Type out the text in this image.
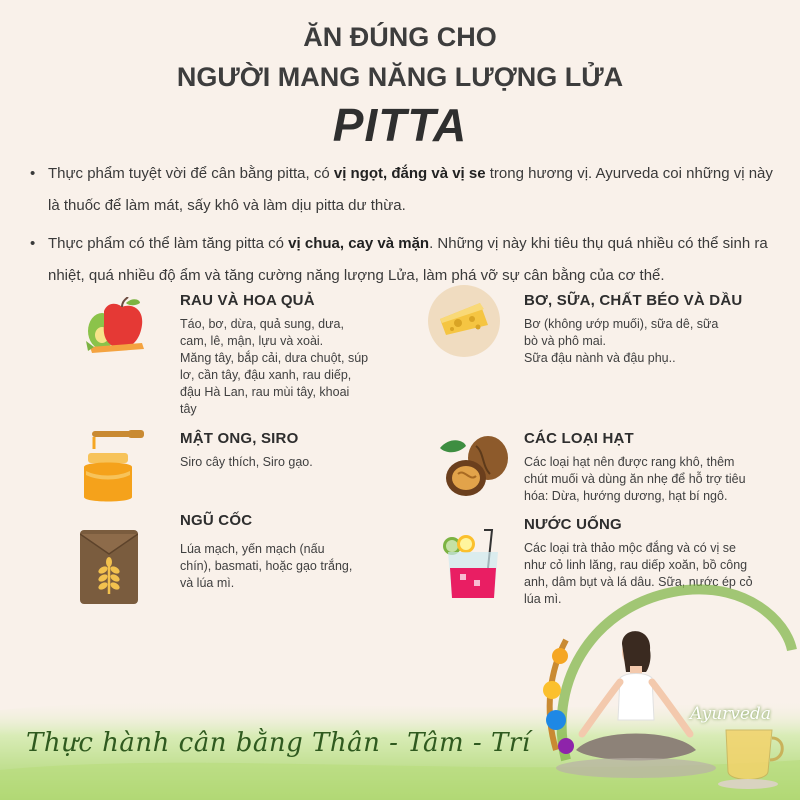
ĂN ĐÚNG CHO
NGƯỜI MANG NĂNG LƯỢNG LỬA
PITTA
• Thực phẩm tuyệt vời để cân bằng pitta, có vị ngọt, đắng và vị se trong hương vị. Ayurveda coi những vị này là thuốc để làm mát, sấy khô và làm dịu pitta dư thừa.
• Thực phẩm có thể làm tăng pitta có vị chua, cay và mặn. Những vị này khi tiêu thụ quá nhiều có thể sinh ra nhiệt, quá nhiều độ ẩm và tăng cường năng lượng Lửa, làm phá vỡ sự cân bằng của cơ thể.
RAU VÀ HOA QUẢ
Táo, bơ, dừa, quả sung, dưa,
cam, lê, mận, lựu và xoài.
Măng tây, bắp cải, dưa chuột, súp
lơ, cần tây, đậu xanh, rau diếp,
đậu Hà Lan, rau mùi tây, khoai
tây
BƠ, SỮA, CHẤT BÉO VÀ DẦU
Bơ (không ướp muối), sữa dê, sữa
bò và phô mai.
Sữa đậu nành và đậu phụ..
MẬT ONG, SIRO
Siro cây thích, Siro gạo.
CÁC LOẠI HẠT
Các loại hạt nên được rang khô, thêm
chút muối và dùng ăn nhẹ để hỗ trợ tiêu
hóa: Dừa, hướng dương, hạt bí ngô.
NGŨ CỐC
Lúa mạch, yến mạch (nấu
chín), basmati, hoặc gạo trắng,
và lúa mì.
NƯỚC UỐNG
Các loại trà thảo mộc đắng và có vị se
như cỏ linh lăng, rau diếp xoăn, bồ công
anh, dâm bụt và lá dâu. Sữa, nước ép cỏ
lúa mì.
Ayurveda
Thực hành cân bằng Thân - Tâm - Trí
